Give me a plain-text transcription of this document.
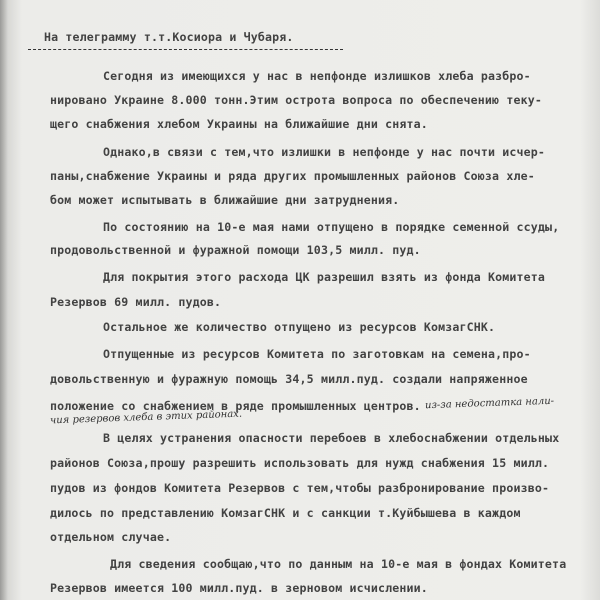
На телеграмму т.т.Косиора и Чубаря.
Сегодня из имеющихся у нас в непфонде излишков хлеба разбро-
нировано Украине 8.000 тонн.Этим острота вопроса по обеспечению теку-
щего снабжения хлебом Украины на ближайшие дни снята.
Однако,в связи с тем,что излишки в непфонде у нас почти исчер-
паны,снабжение Украины и ряда других промышленных районов Союза хле-
бом может испытывать в ближайшие дни затруднения.
По состоянию на 10-е мая нами отпущено в порядке семенной ссуды,
продовольственной и фуражной помощи 103,5 милл. пуд.
Для покрытия этого расхода ЦК разрешил взять из фонда Комитета
Резервов 69 милл. пудов.
Остальное же количество отпущено из ресурсов КомзагСНК.
Отпущенные из ресурсов Комитета по заготовкам на семена,про-
довольственную и фуражную помощь 34,5 милл.пуд. создали напряженное
положение со снабжением в ряде промышленных центров. из-за недостатка нали-
чия резервов хлеба в этих районах.
В целях устранения опасности перебоев в хлебоснабжении отдельных
районов Союза,прошу разрешить использовать для нужд снабжения 15 милл.
пудов из фондов Комитета Резервов с тем,чтобы разбронирование произво-
дилось по представлению КомзагСНК и с санкции т.Куйбышева в каждом
отдельном случае.
Для сведения сообщаю,что по данным на 10-е мая в фондах Комитета
Резервов имеется 100 милл.пуд. в зерновом исчислении.
